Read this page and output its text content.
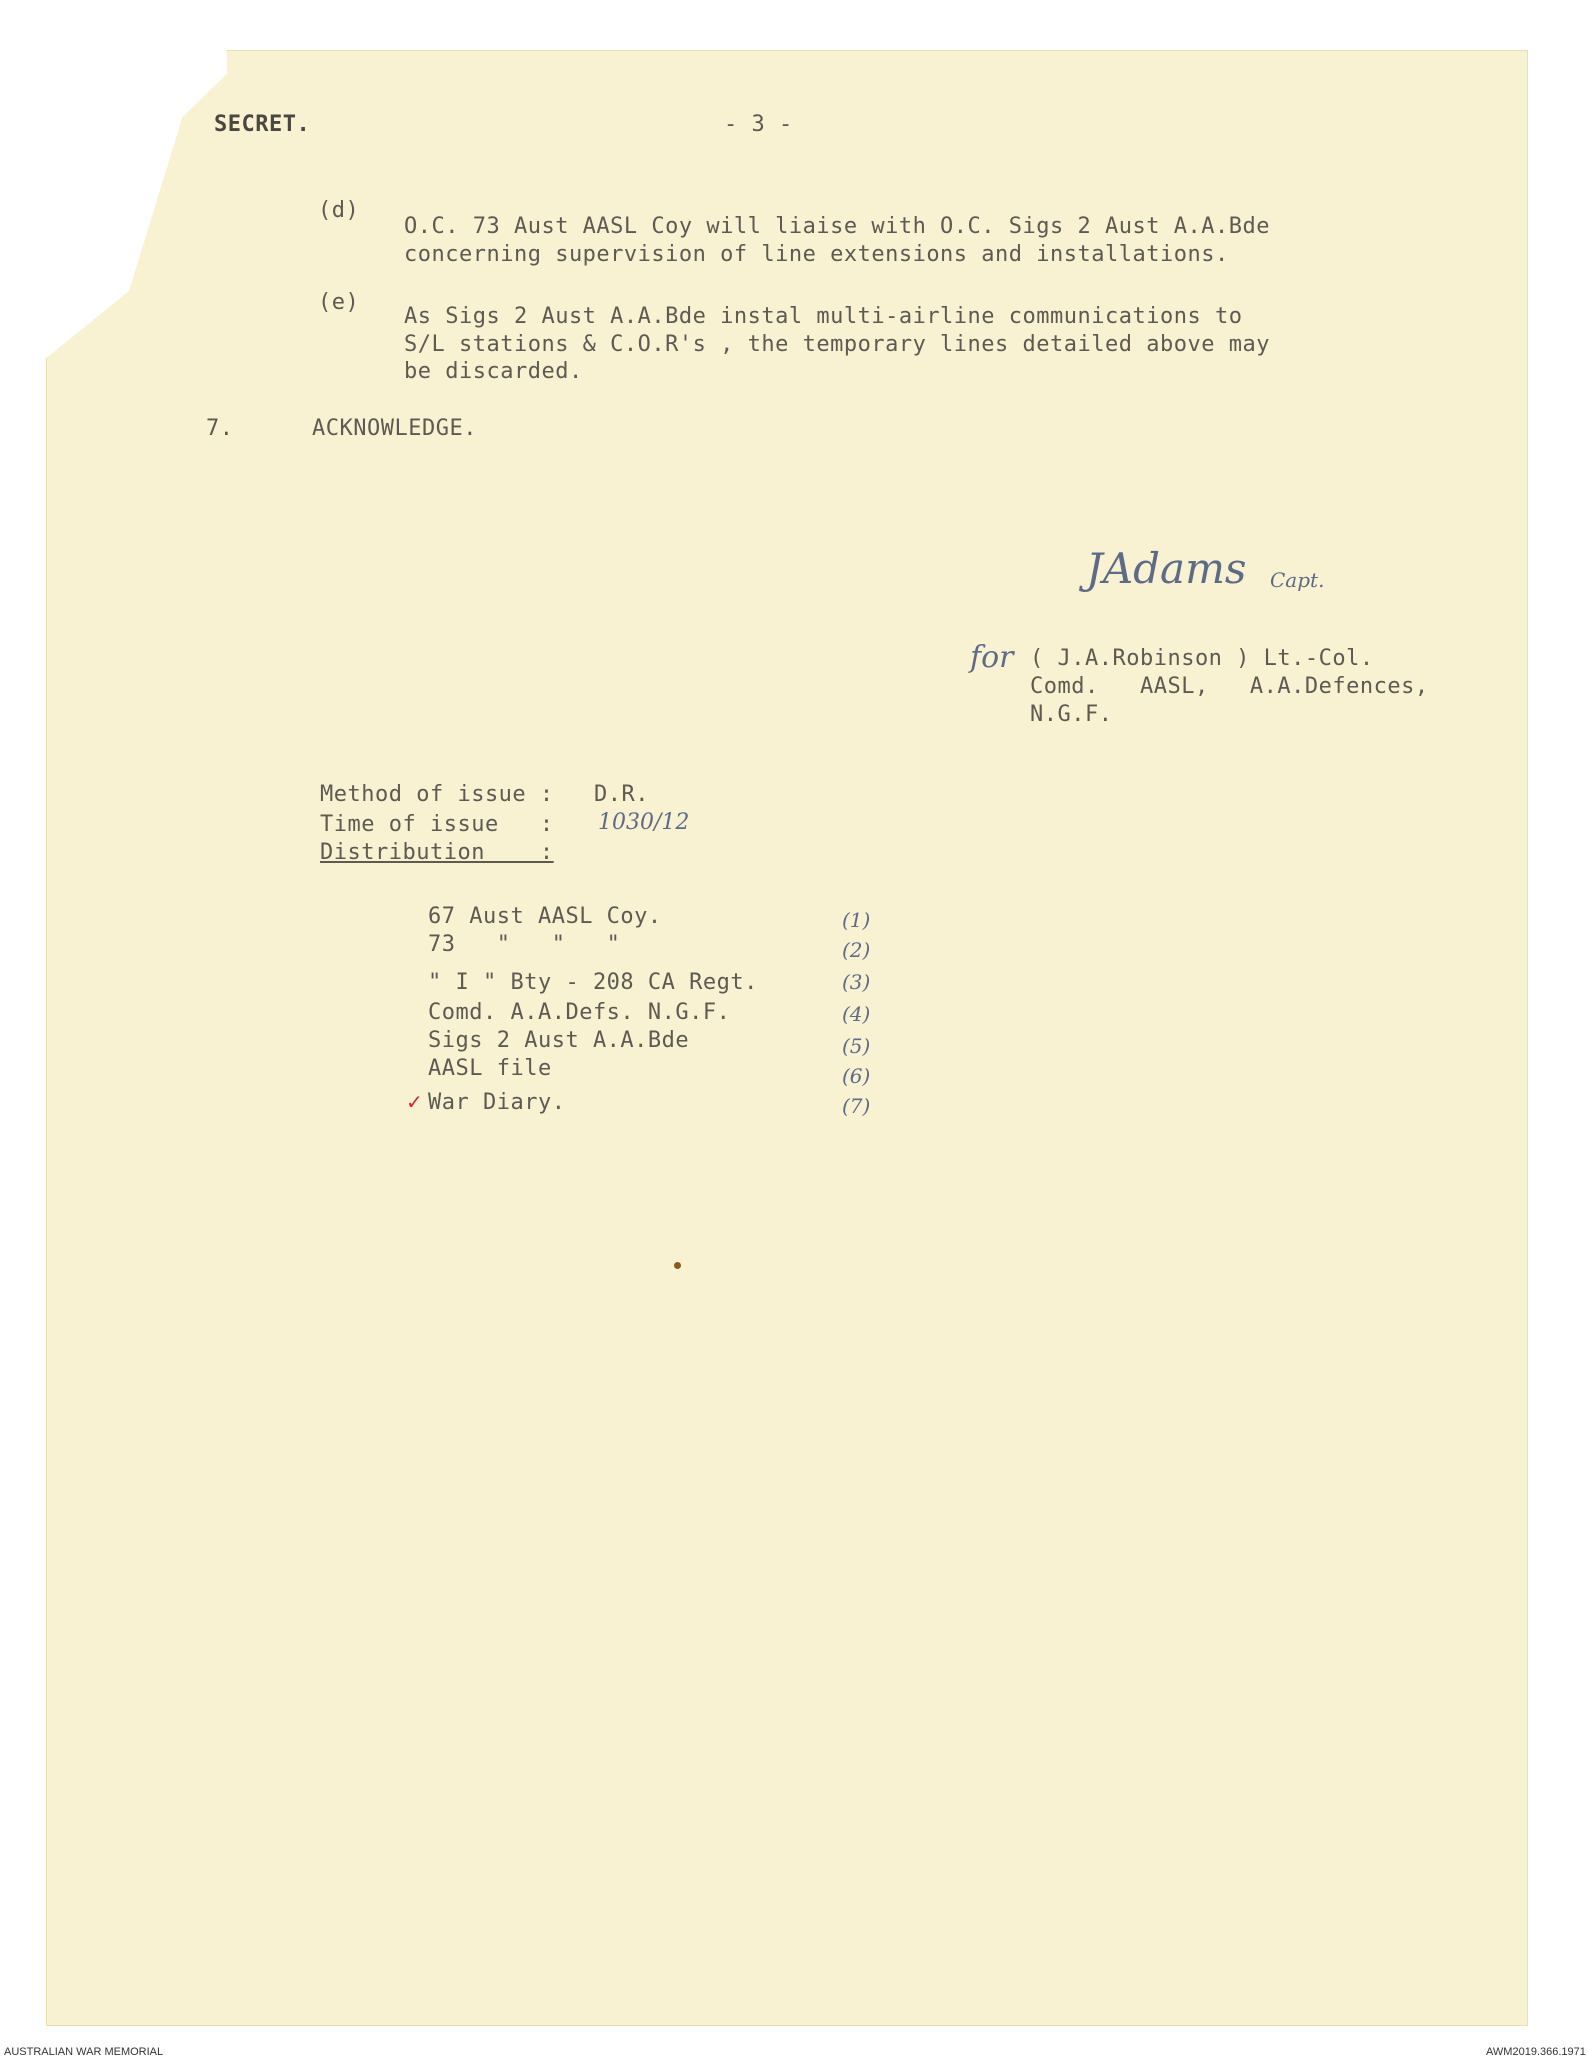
SECRET.	- 3 -
(d)
O.C. 73 Aust AASL Coy will liaise with O.C. Sigs 2 Aust A.A.Bde
concerning supervision of line extensions and installations.
(e)
As Sigs 2 Aust A.A.Bde instal multi-airline communications to
S/L stations & C.O.R's , the temporary lines detailed above may
be discarded.
7.	ACKNOWLEDGE.
JAdams Capt.
for ( J.A.Robinson ) Lt.-Col.
Comd.   AASL,   A.A.Defences,
N.G.F.
Method of issue : D.R.
Time of issue   : 1030/12
Distribution    :
67 Aust AASL Coy.	(1)
73   "   "   "	(2)
" I " Bty - 208 CA Regt.	(3)
Comd. A.A.Defs. N.G.F.	(4)
Sigs 2 Aust A.A.Bde	(5)
AASL file	(6)
✓ War Diary.	(7)
AUSTRALIAN WAR MEMORIAL	AWM2019.366.1971
